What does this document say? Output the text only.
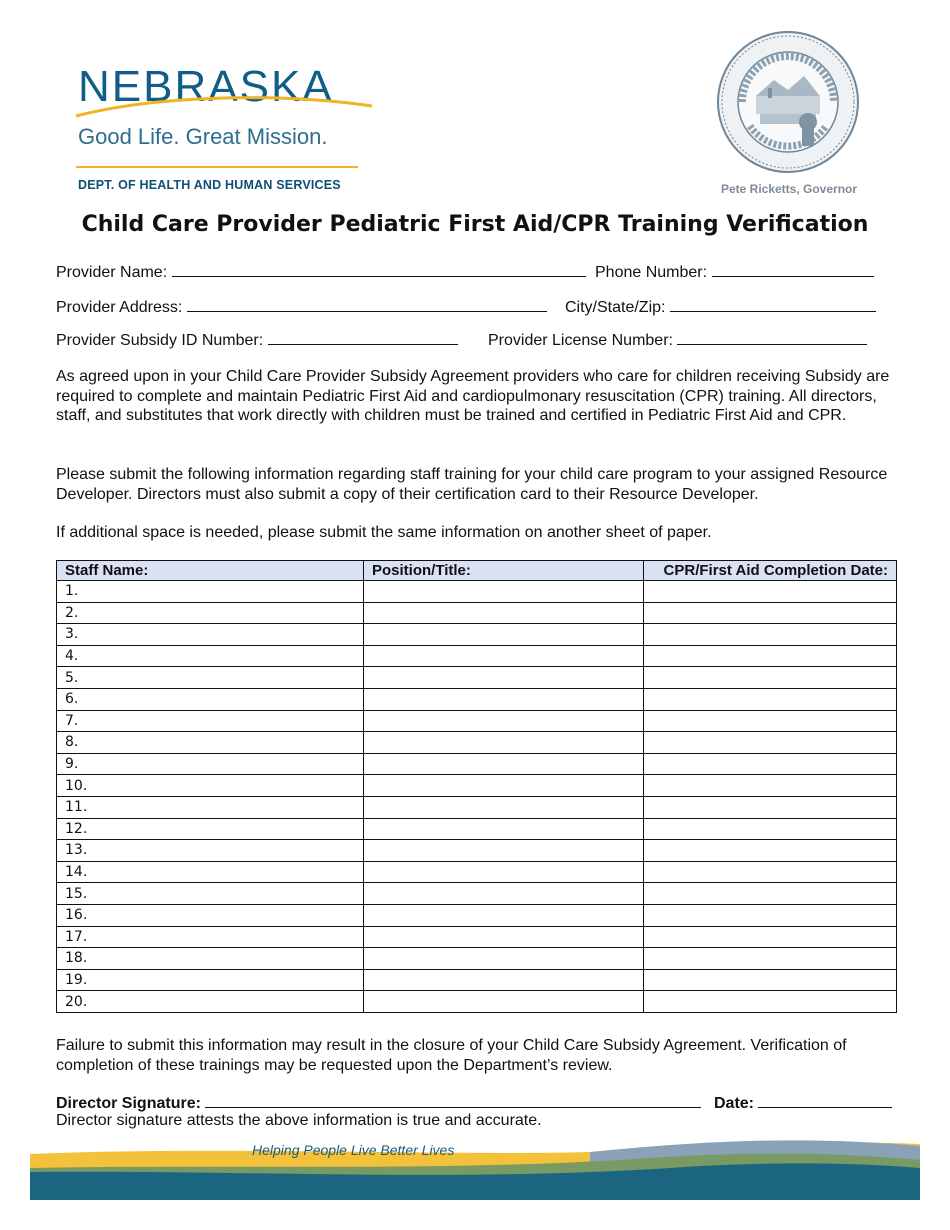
NEBRASKA
Good Life. Great Mission.
DEPT. OF HEALTH AND HUMAN SERVICES	Pete Ricketts, Governor
Child Care Provider Pediatric First Aid/CPR Training Verification
Provider Name:	Phone Number:
Provider Address:	City/State/Zip:
Provider Subsidy ID Number:	Provider License Number:
As agreed upon in your Child Care Provider Subsidy Agreement providers who care for children receiving Subsidy are required to complete and maintain Pediatric First Aid and cardiopulmonary resuscitation (CPR) training. All directors, staff, and substitutes that work directly with children must be trained and certified in Pediatric First Aid and CPR.
Please submit the following information regarding staff training for your child care program to your assigned Resource Developer. Directors must also submit a copy of their certification card to their Resource Developer.
If additional space is needed, please submit the same information on another sheet of paper.
Staff Name:	Position/Title:	CPR/First Aid Completion Date:
1.		
2.		
3.		
4.		
5.		
6.		
7.		
8.		
9.		
10.		
11.		
12.		
13.		
14.		
15.		
16.		
17.		
18.		
19.		
20.		
Failure to submit this information may result in the closure of your Child Care Subsidy Agreement. Verification of completion of these trainings may be requested upon the Department’s review.
Director Signature:	Date:
Director signature attests the above information is true and accurate.
Helping People Live Better Lives
